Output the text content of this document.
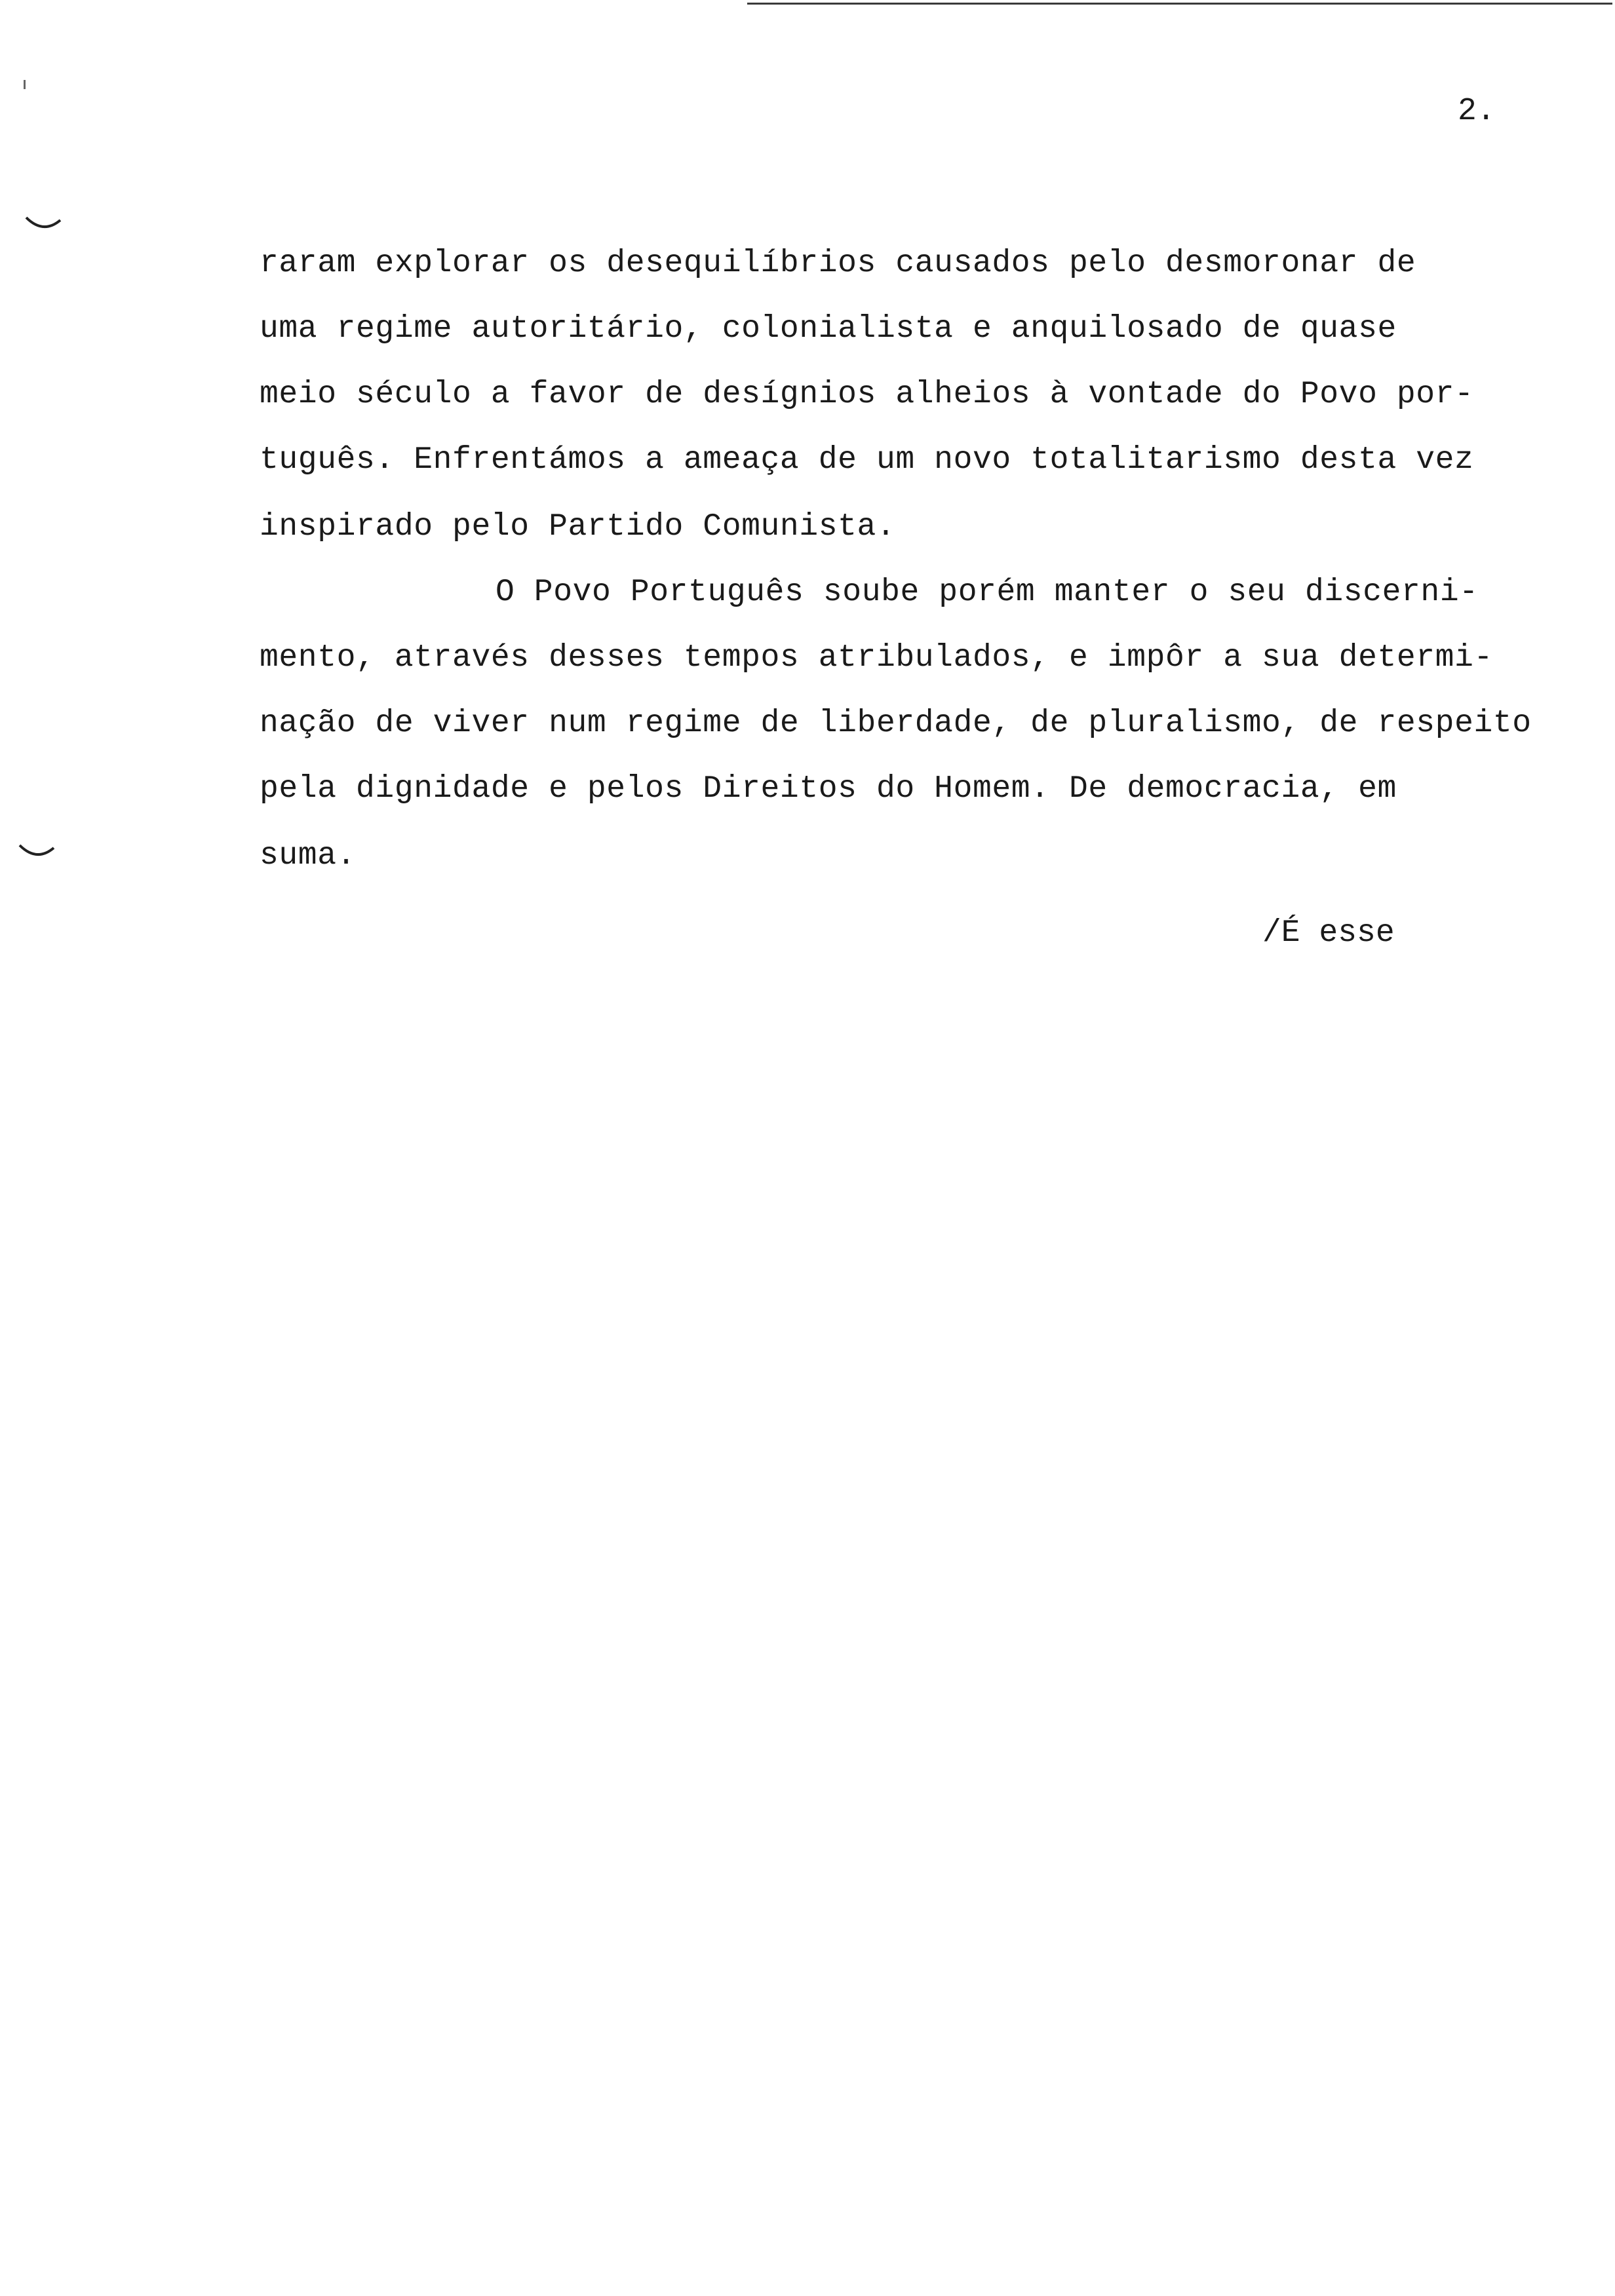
2.
raram explorar os desequilíbrios causados pelo desmoronar de
uma regime autoritário, colonialista e anquilosado de quase
meio século a favor de desígnios alheios à vontade do Povo por-
tuguês. Enfrentámos a ameaça de um novo totalitarismo desta vez
inspirado pelo Partido Comunista.
O Povo Português soube porém manter o seu discerni-
mento, através desses tempos atribulados, e impôr a sua determi-
nação de viver num regime de liberdade, de pluralismo, de respeito
pela dignidade e pelos Direitos do Homem. De democracia, em
suma.
/É esse
